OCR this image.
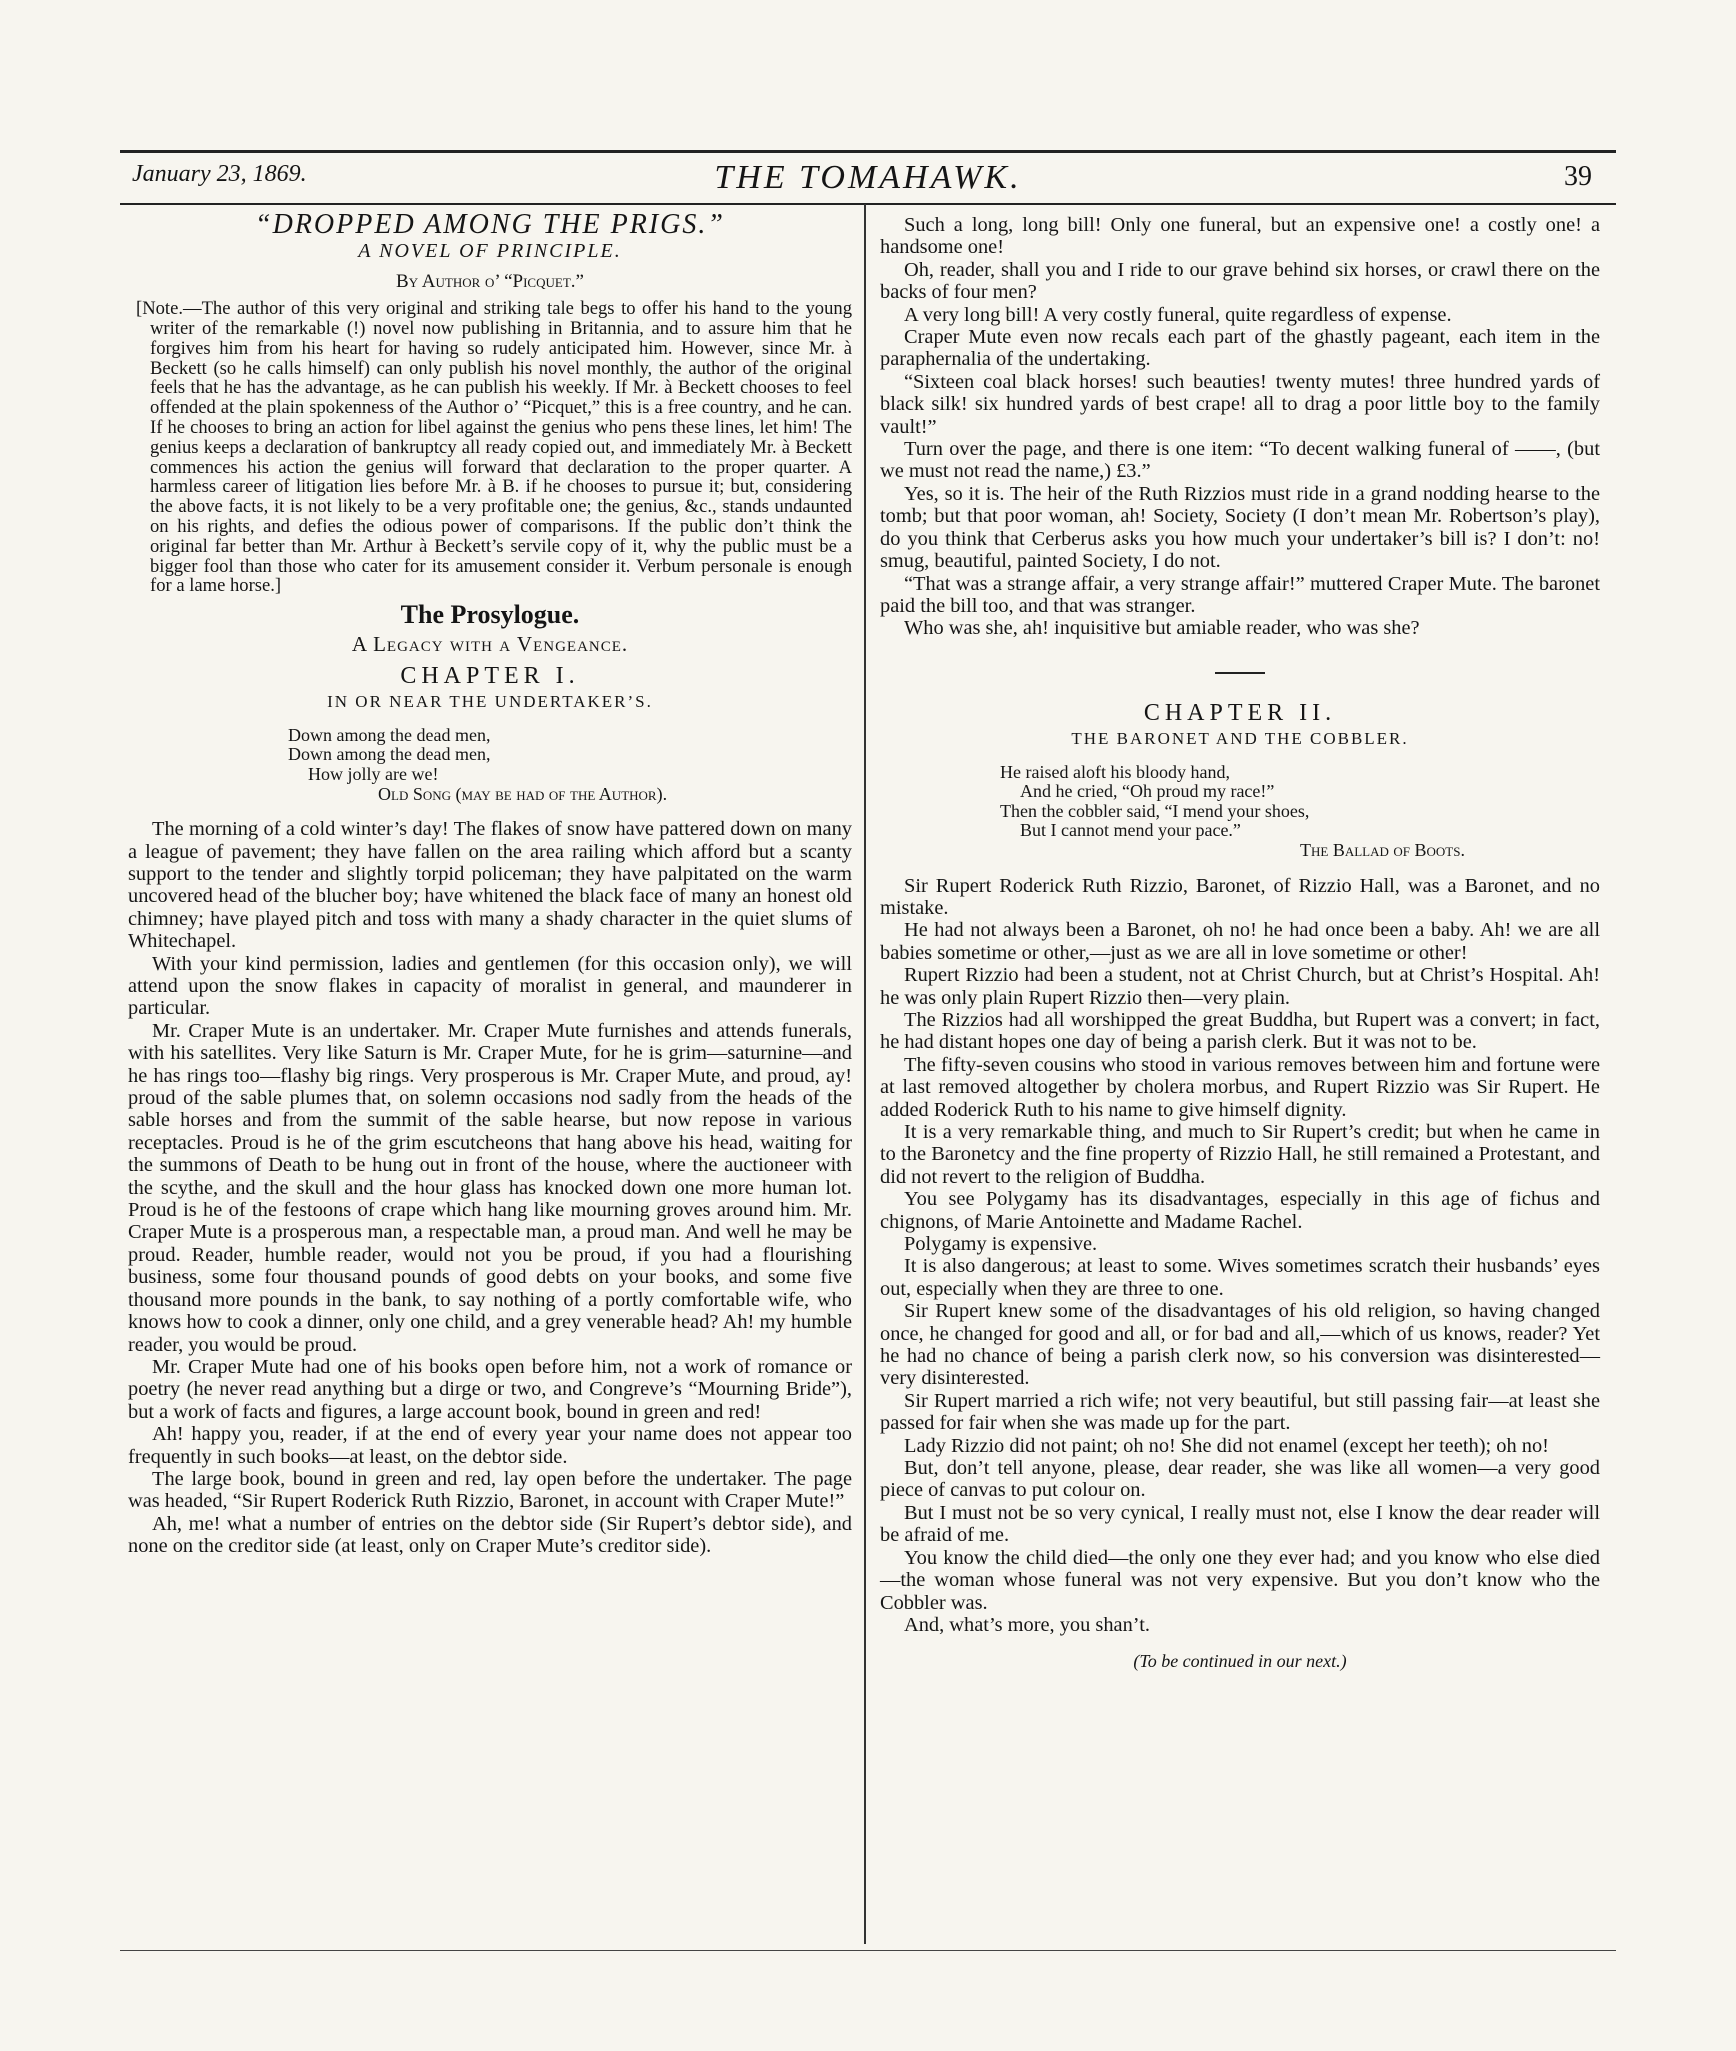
January 23, 1869.	THE TOMAHAWK.	39
“DROPPED AMONG THE PRIGS.”
A NOVEL OF PRINCIPLE.
By Author o’ “Picquet.”
[Note.—The author of this very original and striking tale begs to offer his hand to the young writer of the remarkable (!) novel now publishing in Britannia, and to assure him that he forgives him from his heart for having so rudely anticipated him. However, since Mr. à Beckett (so he calls himself) can only publish his novel monthly, the author of the original feels that he has the advantage, as he can publish his weekly. If Mr. à Beckett chooses to feel offended at the plain spokenness of the Author o’ “Picquet,” this is a free country, and he can. If he chooses to bring an action for libel against the genius who pens these lines, let him! The genius keeps a declaration of bankruptcy all ready copied out, and immediately Mr. à Beckett commences his action the genius will forward that declaration to the proper quarter. A harmless career of litigation lies before Mr. à B. if he chooses to pursue it; but, considering the above facts, it is not likely to be a very profitable one; the genius, &c., stands undaunted on his rights, and defies the odious power of comparisons. If the public don’t think the original far better than Mr. Arthur à Beckett’s servile copy of it, why the public must be a bigger fool than those who cater for its amusement consider it. Verbum personale is enough for a lame horse.]
The Prosylogue.
A Legacy with a Vengeance.
CHAPTER I.
IN OR NEAR THE UNDERTAKER’S.
Down among the dead men,
Down among the dead men,
How jolly are we!
Old Song (may be had of the Author).

The morning of a cold winter’s day! The flakes of snow have pattered down on many a league of pavement; they have fallen on the area railing which afford but a scanty support to the tender and slightly torpid policeman; they have palpitated on the warm uncovered head of the blucher boy; have whitened the black face of many an honest old chimney; have played pitch and toss with many a shady character in the quiet slums of Whitechapel.

With your kind permission, ladies and gentlemen (for this occasion only), we will attend upon the snow flakes in capacity of moralist in general, and maunderer in particular.

Mr. Craper Mute is an undertaker. Mr. Craper Mute furnishes and attends funerals, with his satellites. Very like Saturn is Mr. Craper Mute, for he is grim—saturnine—and he has rings too—flashy big rings. Very prosperous is Mr. Craper Mute, and proud, ay! proud of the sable plumes that, on solemn occasions nod sadly from the heads of the sable horses and from the summit of the sable hearse, but now repose in various receptacles. Proud is he of the grim escutcheons that hang above his head, waiting for the summons of Death to be hung out in front of the house, where the auctioneer with the scythe, and the skull and the hour glass has knocked down one more human lot. Proud is he of the festoons of crape which hang like mourning groves around him. Mr. Craper Mute is a prosperous man, a respectable man, a proud man. And well he may be proud. Reader, humble reader, would not you be proud, if you had a flourishing business, some four thousand pounds of good debts on your books, and some five thousand more pounds in the bank, to say nothing of a portly comfortable wife, who knows how to cook a dinner, only one child, and a grey venerable head? Ah! my humble reader, you would be proud.

Mr. Craper Mute had one of his books open before him, not a work of romance or poetry (he never read anything but a dirge or two, and Congreve’s “Mourning Bride”), but a work of facts and figures, a large account book, bound in green and red!

Ah! happy you, reader, if at the end of every year your name does not appear too frequently in such books—at least, on the debtor side.

The large book, bound in green and red, lay open before the undertaker. The page was headed, “Sir Rupert Roderick Ruth Rizzio, Baronet, in account with Craper Mute!”

Ah, me! what a number of entries on the debtor side (Sir Rupert’s debtor side), and none on the creditor side (at least, only on Craper Mute’s creditor side).

Such a long, long bill! Only one funeral, but an expensive one! a costly one! a handsome one!

Oh, reader, shall you and I ride to our grave behind six horses, or crawl there on the backs of four men?

A very long bill! A very costly funeral, quite regardless of expense.

Craper Mute even now recals each part of the ghastly pageant, each item in the paraphernalia of the undertaking.

“Sixteen coal black horses! such beauties! twenty mutes! three hundred yards of black silk! six hundred yards of best crape! all to drag a poor little boy to the family vault!”

Turn over the page, and there is one item: “To decent walking funeral of ——, (but we must not read the name,) £3.”

Yes, so it is. The heir of the Ruth Rizzios must ride in a grand nodding hearse to the tomb; but that poor woman, ah! Society, Society (I don’t mean Mr. Robertson’s play), do you think that Cerberus asks you how much your undertaker’s bill is? I don’t: no! smug, beautiful, painted Society, I do not.

“That was a strange affair, a very strange affair!” muttered Craper Mute. The baronet paid the bill too, and that was stranger.

Who was she, ah! inquisitive but amiable reader, who was she?

CHAPTER II.
THE BARONET AND THE COBBLER.
He raised aloft his bloody hand,
And he cried, “Oh proud my race!”
Then the cobbler said, “I mend your shoes,
But I cannot mend your pace.”
The Ballad of Boots.

Sir Rupert Roderick Ruth Rizzio, Baronet, of Rizzio Hall, was a Baronet, and no mistake.

He had not always been a Baronet, oh no! he had once been a baby. Ah! we are all babies sometime or other,—just as we are all in love sometime or other!

Rupert Rizzio had been a student, not at Christ Church, but at Christ’s Hospital. Ah! he was only plain Rupert Rizzio then—very plain.

The Rizzios had all worshipped the great Buddha, but Rupert was a convert; in fact, he had distant hopes one day of being a parish clerk. But it was not to be.

The fifty-seven cousins who stood in various removes between him and fortune were at last removed altogether by cholera morbus, and Rupert Rizzio was Sir Rupert. He added Roderick Ruth to his name to give himself dignity.

It is a very remarkable thing, and much to Sir Rupert’s credit; but when he came in to the Baronetcy and the fine property of Rizzio Hall, he still remained a Protestant, and did not revert to the religion of Buddha.

You see Polygamy has its disadvantages, especially in this age of fichus and chignons, of Marie Antoinette and Madame Rachel.

Polygamy is expensive.

It is also dangerous; at least to some. Wives sometimes scratch their husbands’ eyes out, especially when they are three to one.

Sir Rupert knew some of the disadvantages of his old religion, so having changed once, he changed for good and all, or for bad and all,—which of us knows, reader? Yet he had no chance of being a parish clerk now, so his conversion was disinterested—very disinterested.

Sir Rupert married a rich wife; not very beautiful, but still passing fair—at least she passed for fair when she was made up for the part.

Lady Rizzio did not paint; oh no! She did not enamel (except her teeth); oh no!

But, don’t tell anyone, please, dear reader, she was like all women—a very good piece of canvas to put colour on.

But I must not be so very cynical, I really must not, else I know the dear reader will be afraid of me.

You know the child died—the only one they ever had; and you know who else died—the woman whose funeral was not very expensive. But you don’t know who the Cobbler was.

And, what’s more, you shan’t.

(To be continued in our next.)
